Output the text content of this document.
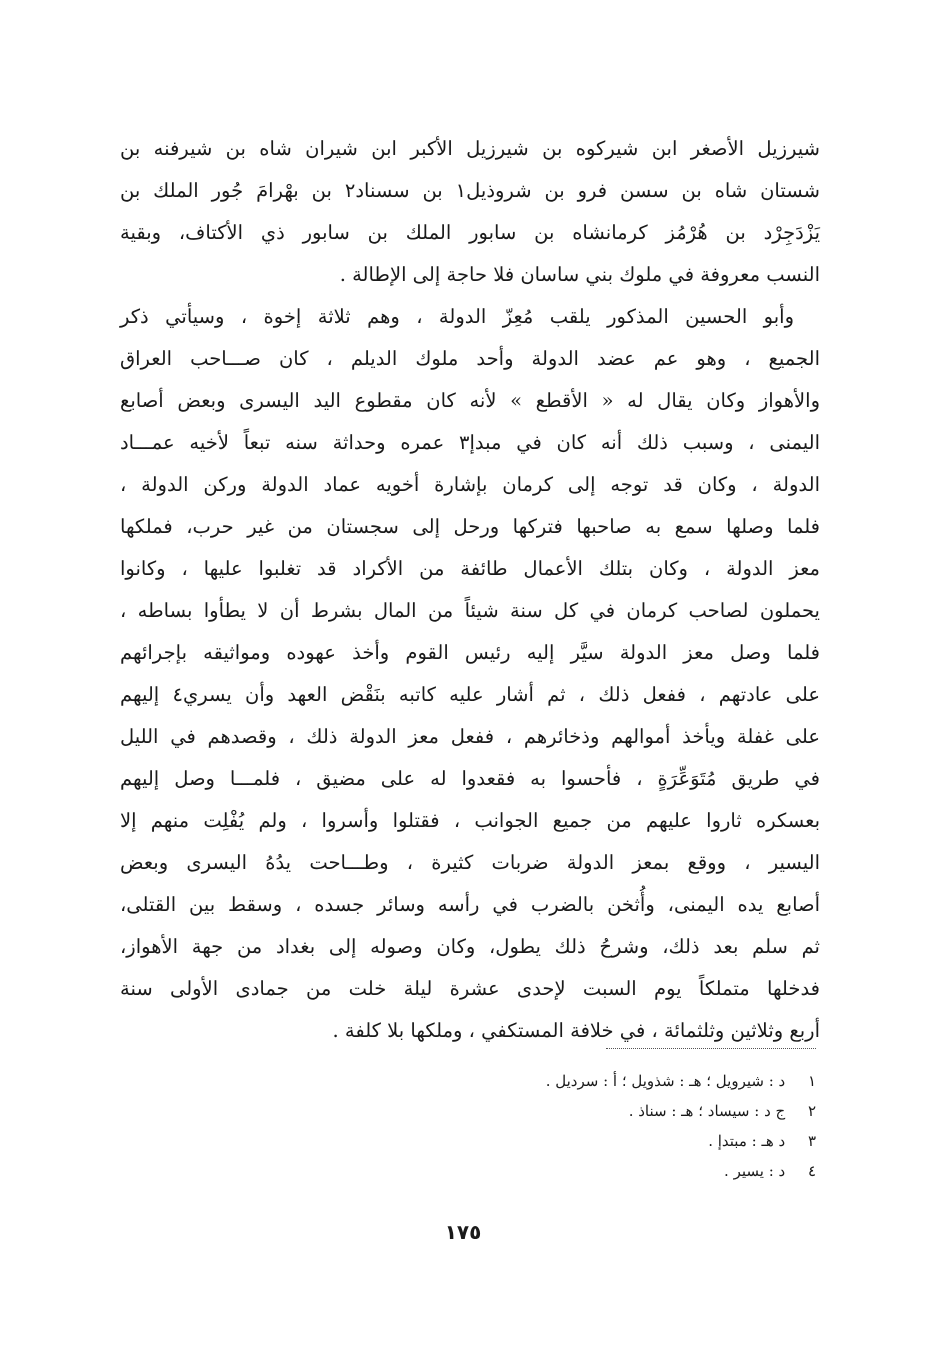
شيرزيل الأصغر ابن شيركوه بن شيرزيل الأكبر ابن شيران شاه بن شيرفنه بن
شستان شاه بن سسن فرو بن شروذيل١ بن سسناد٢ بن بهْرامَ جُور الملك بن
يَزْدَجِرْد بن هُرْمُز كرمانشاه بن سابور الملك بن سابور ذي الأكتاف، وبقية
النسب معروفة في ملوك بني ساسان فلا حاجة إلى الإطالة .
وأبو الحسين المذكور يلقب مُعِزّ الدولة ، وهم ثلاثة إخوة ، وسيأتي ذكر
الجميع ، وهو عم عضد الدولة وأحد ملوك الديلم ، كان صـــاحب العراق
والأهواز وكان يقال له « الأقطع » لأنه كان مقطوع اليد اليسرى وبعض أصابع
اليمنى ، وسبب ذلك أنه كان في مبدإ٣ عمره وحداثة سنه تبعاً لأخيه عمـــاد
الدولة ، وكان قد توجه إلى كرمان بإشارة أخويه عماد الدولة وركن الدولة ،
فلما وصلها سمع به صاحبها فتركها ورحل إلى سجستان من غير حرب، فملكها
معز الدولة ، وكان بتلك الأعمال طائفة من الأكراد قد تغلبوا عليها ، وكانوا
يحملون لصاحب كرمان في كل سنة شيئاً من المال بشرط أن لا يطأوا بساطه ،
فلما وصل معز الدولة سيَّر إليه رئيس القوم وأخذ عهوده ومواثيقه بإجرائهم
على عادتهم ، ففعل ذلك ، ثم أشار عليه كاتبه بنَقْض العهد وأن يسري٤ إليهم
على غفلة ويأخذ أموالهم وذخائرهم ، ففعل معز الدولة ذلك ، وقصدهم في الليل
في طريق مُتَوَعِّرَةٍ ، فأحسوا به فقعدوا له على مضيق ، فلمـــا وصل إليهم
بعسكره ثاروا عليهم من جميع الجوانب ، فقتلوا وأسروا ، ولم يُفْلِت منهم إلا
اليسير ، ووقع بمعز الدولة ضربات كثيرة ، وطـــاحت يدُهُ اليسرى وبعض
أصابع يده اليمنى، وأُثخن بالضرب في رأسه وسائر جسده ، وسقط بين القتلى،
ثم سلم بعد ذلك، وشرحُ ذلك يطول، وكان وصوله إلى بغداد من جهة الأهواز،
فدخلها متملكاً يوم السبت لإحدى عشرة ليلة خلت من جمادى الأولى سنة
أربع وثلاثين وثلثمائة ، في خلافة المستكفي ، وملكها بلا كلفة .
١ د : شيرويل ؛ هـ : شذويل ؛ أ : سرديل .
٢ ج د : سيساد ؛ هـ : سناذ .
٣ د هـ : مبتدإ .
٤ د : يسير .
١٧٥
